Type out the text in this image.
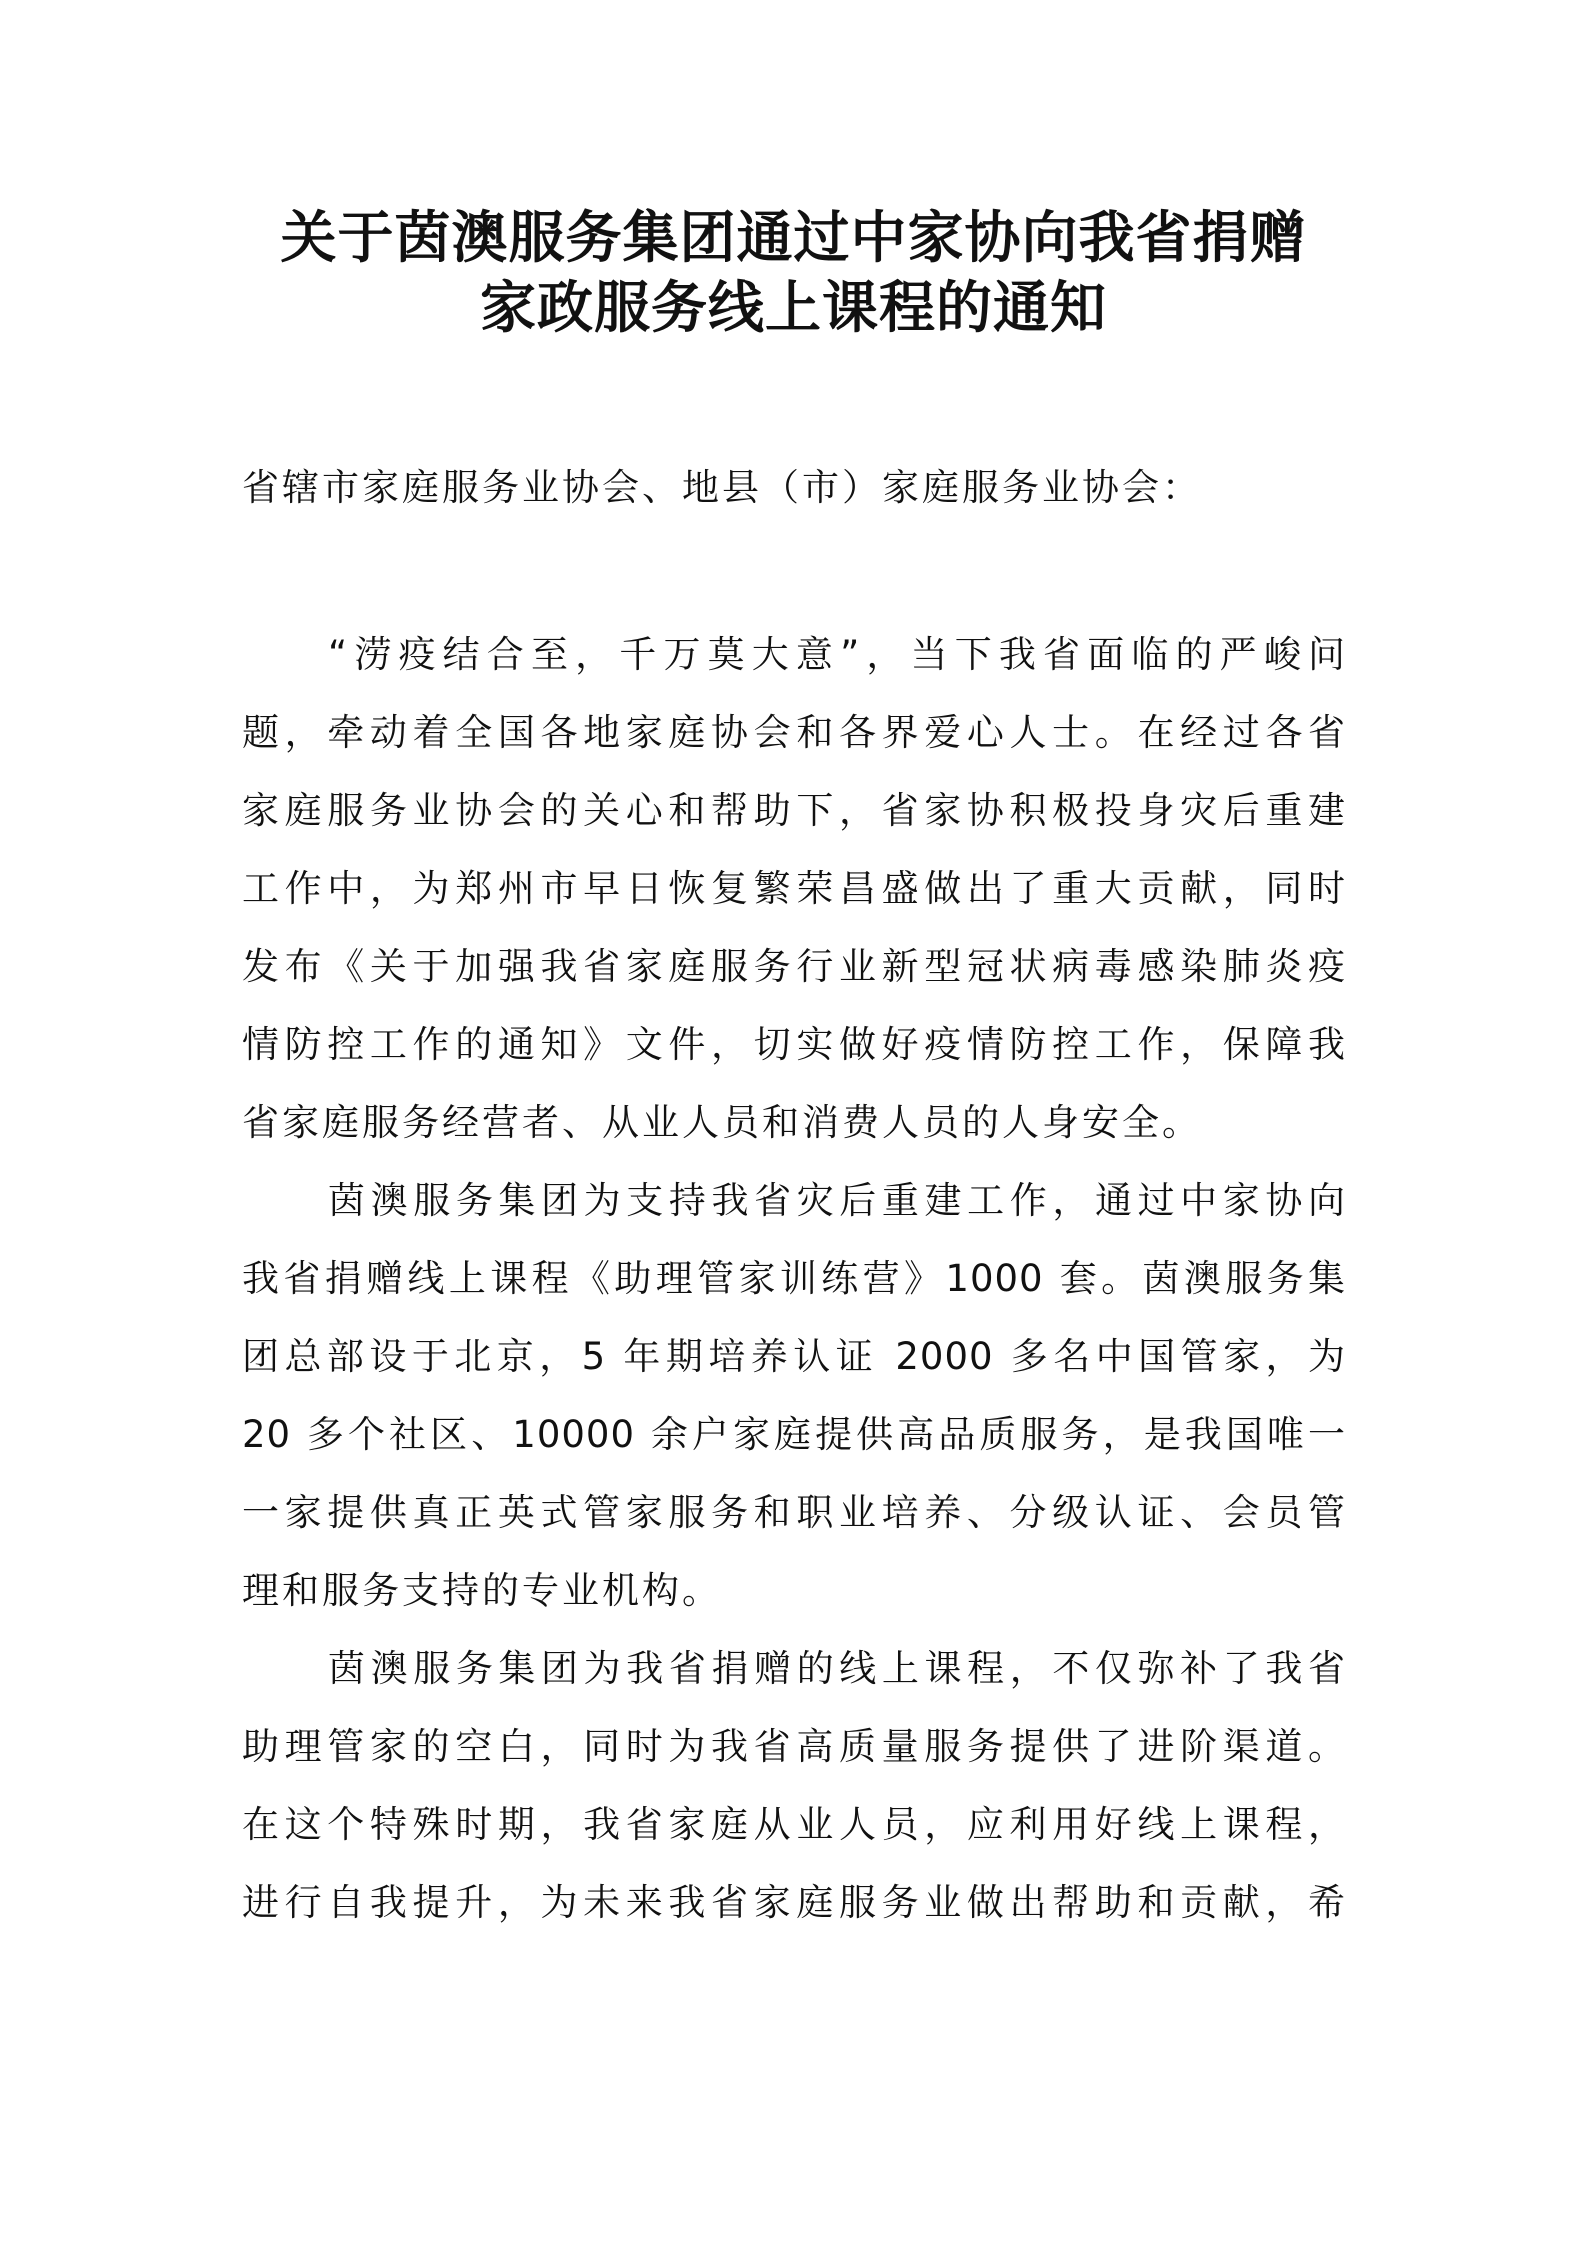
关于茵澳服务集团通过中家协向我省捐赠
家政服务线上课程的通知
省辖市家庭服务业协会、地县（市）家庭服务业协会：
“涝疫结合至，千万莫大意”，当下我省面临的严峻问
题，牵动着全国各地家庭协会和各界爱心人士。在经过各省
家庭服务业协会的关心和帮助下，省家协积极投身灾后重建
工作中，为郑州市早日恢复繁荣昌盛做出了重大贡献，同时
发布《关于加强我省家庭服务行业新型冠状病毒感染肺炎疫
情防控工作的通知》文件，切实做好疫情防控工作，保障我
省家庭服务经营者、从业人员和消费人员的人身安全。
茵澳服务集团为支持我省灾后重建工作，通过中家协向
我省捐赠线上课程《助理管家训练营》1000 套。茵澳服务集
团总部设于北京，5 年期培养认证 2000 多名中国管家，为
20 多个社区、10000 余户家庭提供高品质服务，是我国唯一
一家提供真正英式管家服务和职业培养、分级认证、会员管
理和服务支持的专业机构。
茵澳服务集团为我省捐赠的线上课程，不仅弥补了我省
助理管家的空白，同时为我省高质量服务提供了进阶渠道。
在这个特殊时期，我省家庭从业人员，应利用好线上课程，
进行自我提升，为未来我省家庭服务业做出帮助和贡献，希
